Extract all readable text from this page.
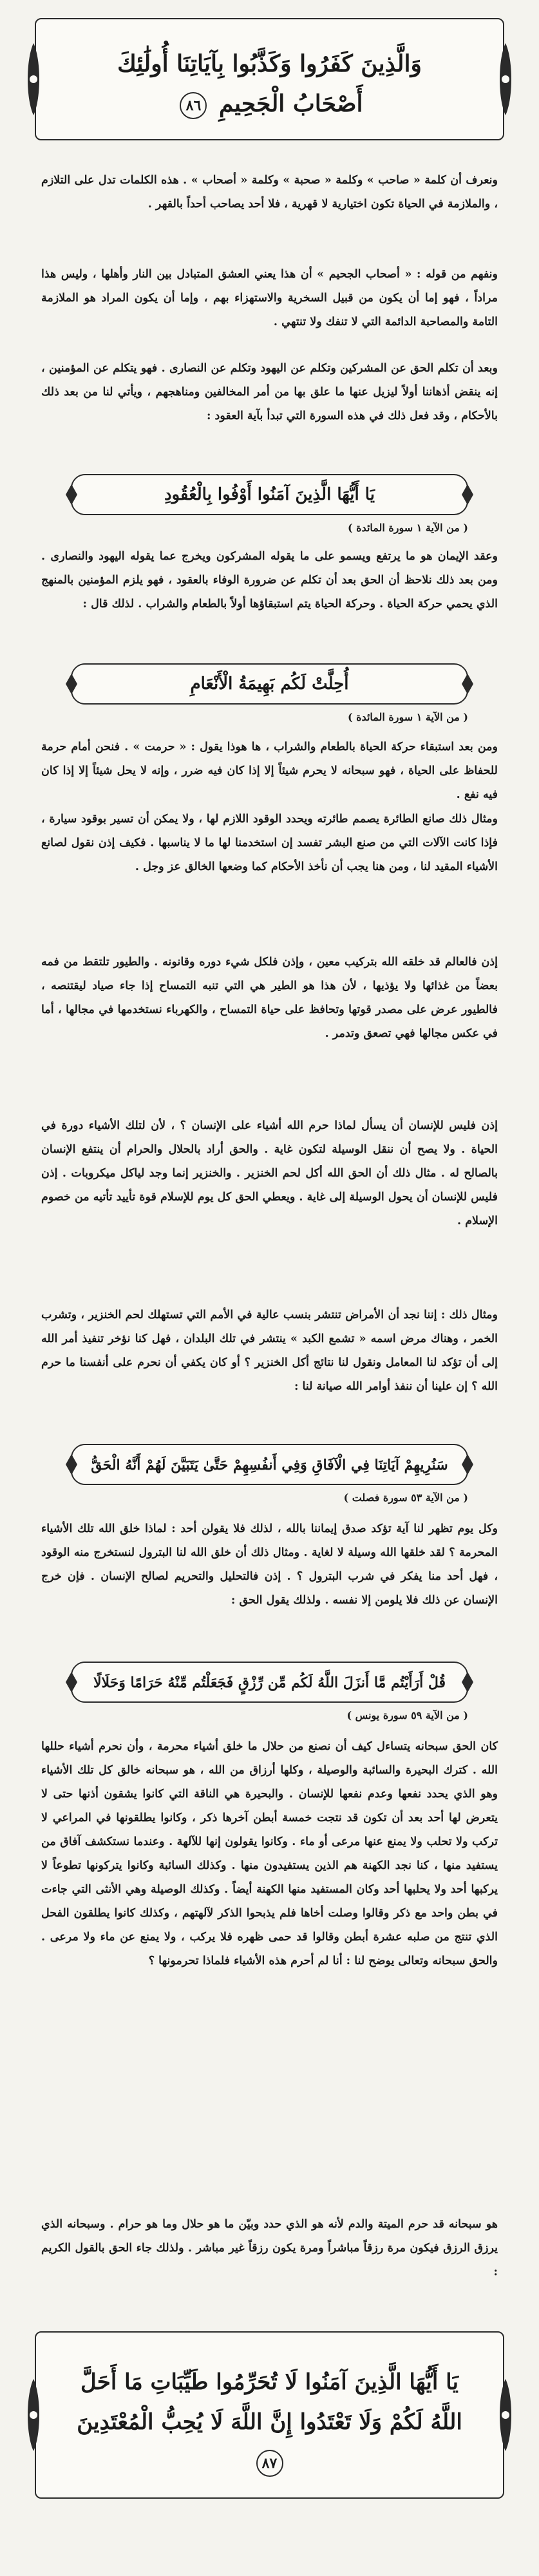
وَالَّذِينَ كَفَرُوا وَكَذَّبُوا بِآيَاتِنَا أُولَٰئِكَ
أَصْحَابُ الْجَحِيمِ ٨٦
ونعرف أن كلمة « صاحب » وكلمة « صحبة » وكلمة « أصحاب » . هذه الكلمات تدل على التلازم ، والملازمة في الحياة تكون اختيارية لا قهرية ، فلا أحد يصاحب أحداً بالقهر .
ونفهم من قوله : « أصحاب الجحيم » أن هذا يعني العشق المتبادل بين النار وأهلها ، وليس هذا مراداً ، فهو إما أن يكون من قبيل السخرية والاستهزاء بهم ، وإما أن يكون المراد هو الملازمة التامة والمصاحبة الدائمة التي لا تنفك ولا تنتهي .
وبعد أن تكلم الحق عن المشركين وتكلم عن اليهود وتكلم عن النصارى . فهو يتكلم عن المؤمنين ، إنه ينقض أذهاننا أولاً ليزيل عنها ما علق بها من أمر المخالفين ومناهجهم ، ويأتي لنا من بعد ذلك بالأحكام ، وقد فعل ذلك في هذه السورة التي تبدأ بآية العقود :
يَا أَيُّهَا الَّذِينَ آمَنُوا أَوْفُوا بِالْعُقُودِ
( من الآية ١ سورة المائدة )
وعقد الإيمان هو ما يرتفع ويسمو على ما يقوله المشركون ويخرج عما يقوله اليهود والنصارى . ومن بعد ذلك نلاحظ أن الحق بعد أن تكلم عن ضرورة الوفاء بالعقود ، فهو يلزم المؤمنين بالمنهج الذي يحمي حركة الحياة . وحركة الحياة يتم استبقاؤها أولاً بالطعام والشراب . لذلك قال :
أُحِلَّتْ لَكُم بَهِيمَةُ الْأَنْعَامِ
( من الآية ١ سورة المائدة )
ومن بعد استبقاء حركة الحياة بالطعام والشراب ، ها هوذا يقول : « حرمت » . فنحن أمام حرمة للحفاظ على الحياة ، فهو سبحانه لا يحرم شيئاً إلا إذا كان فيه ضرر ، وإنه لا يحل شيئاً إلا إذا كان فيه نفع .
ومثال ذلك صانع الطائرة يصمم طائرته ويحدد الوقود اللازم لها ، ولا يمكن أن تسير بوقود سيارة ، فإذا كانت الآلات التي من صنع البشر تفسد إن استخدمنا لها ما لا يناسبها . فكيف إذن نقول لصانع الأشياء المقيد لنا ، ومن هنا يجب أن نأخذ الأحكام كما وضعها الخالق عز وجل .
إذن فالعالم قد خلقه الله بتركيب معين ، وإذن فلكل شيء دوره وقانونه . والطيور تلتقط من فمه بعضاً من غذائها ولا يؤذيها ، لأن هذا هو الطير هي التي تنبه التمساح إذا جاء صياد ليقتنصه ، فالطيور عرض على مصدر قوتها وتحافظ على حياة التمساح ، والكهرباء نستخدمها في مجالها ، أما في عكس مجالها فهي تصعق وتدمر .
إذن فليس للإنسان أن يسأل لماذا حرم الله أشياء على الإنسان ؟ ، لأن لتلك الأشياء دورة في الحياة . ولا يصح أن ننقل الوسيلة لتكون غاية . والحق أراد بالحلال والحرام أن ينتفع الإنسان بالصالح له . مثال ذلك أن الحق الله أكل لحم الخنزير . والخنزير إنما وجد لياكل ميكروبات . إذن فليس للإنسان أن يحول الوسيلة إلى غاية . ويعطي الحق كل يوم للإسلام قوة تأييد تأتيه من خصوم الإسلام .
ومثال ذلك : إننا نجد أن الأمراض تنتشر بنسب عالية في الأمم التي تستهلك لحم الخنزير ، وتشرب الخمر ، وهناك مرض اسمه « تشمع الكبد » ينتشر في تلك البلدان ، فهل كنا نؤخر تنفيذ أمر الله إلى أن تؤكد لنا المعامل ونقول لنا نتائج أكل الخنزير ؟ أو كان يكفي أن نحرم على أنفسنا ما حرم الله ؟ إن علينا أن ننفذ أوامر الله صيانة لنا :
سَنُرِيهِمْ آيَاتِنَا فِي الْآفَاقِ وَفِي أَنفُسِهِمْ حَتَّىٰ يَتَبَيَّنَ لَهُمْ أَنَّهُ الْحَقُّ
( من الآية ٥٣ سورة فصلت )
وكل يوم تظهر لنا آية تؤكد صدق إيماننا بالله ، لذلك فلا يقولن أحد : لماذا خلق الله تلك الأشياء المحرمة ؟ لقد خلقها الله وسيلة لا لغاية . ومثال ذلك أن خلق الله لنا البترول لنستخرج منه الوقود ، فهل أحد منا يفكر في شرب البترول ؟ . إذن فالتحليل والتحريم لصالح الإنسان . فإن خرج الإنسان عن ذلك فلا يلومن إلا نفسه . ولذلك يقول الحق :
قُلْ أَرَأَيْتُم مَّا أَنزَلَ اللَّهُ لَكُم مِّن رِّزْقٍ فَجَعَلْتُم مِّنْهُ حَرَامًا وَحَلَالًا
( من الآية ٥٩ سورة يونس )
كان الحق سبحانه يتساءل كيف أن نصنع من حلال ما خلق أشياء محرمة ، وأن نحرم أشياء حللها الله . كترك البحيرة والسائبة والوصيلة ، وكلها أرزاق من الله ، هو سبحانه خالق كل تلك الأشياء وهو الذي يحدد نفعها وعدم نفعها للإنسان . والبحيرة هي الناقة التي كانوا يشقون أذنها حتى لا يتعرض لها أحد بعد أن تكون قد نتجت خمسة أبطن آخرها ذكر ، وكانوا يطلقونها في المراعي لا تركب ولا تحلب ولا يمنع عنها مرعى أو ماء . وكانوا يقولون إنها للآلهة . وعندما نستكشف آفاق من يستفيد منها ، كنا نجد الكهنة هم الذين يستفيدون منها . وكذلك السائبة وكانوا يتركونها تطوعاً لا يركبها أحد ولا يحلبها أحد وكان المستفيد منها الكهنة أيضاً . وكذلك الوصيلة وهي الأنثى التي جاءت في بطن واحد مع ذكر وقالوا وصلت أخاها فلم يذبحوا الذكر لآلهتهم ، وكذلك كانوا يطلقون الفحل الذي تنتج من صلبه عشرة أبطن وقالوا قد حمى ظهره فلا يركب ، ولا يمنع عن ماء ولا مرعى . والحق سبحانه وتعالى يوضح لنا : أنا لم أحرم هذه الأشياء فلماذا تحرمونها ؟
هو سبحانه قد حرم الميتة والدم لأنه هو الذي حدد وبيّن ما هو حلال وما هو حرام . وسبحانه الذي يرزق الرزق فيكون مرة رزقاً مباشراً ومرة يكون رزقاً غير مباشر . ولذلك جاء الحق بالقول الكريم :
يَا أَيُّهَا الَّذِينَ آمَنُوا لَا تُحَرِّمُوا طَيِّبَاتِ مَا أَحَلَّ
اللَّهُ لَكُمْ وَلَا تَعْتَدُوا إِنَّ اللَّهَ لَا يُحِبُّ الْمُعْتَدِينَ ٨٧
